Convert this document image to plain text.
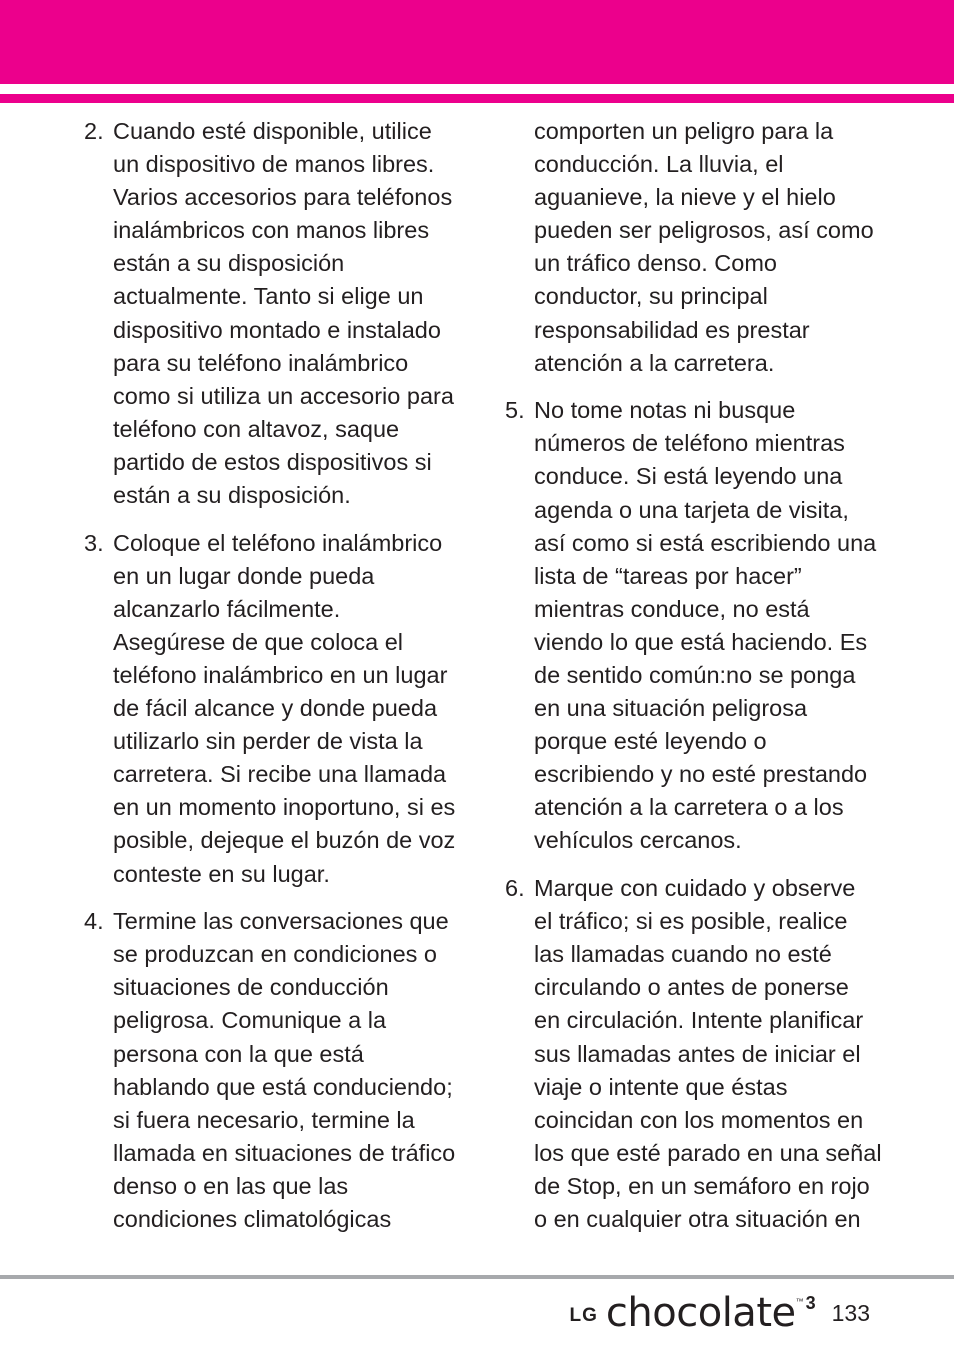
2. Cuando esté disponible, utilice
un dispositivo de manos libres.
Varios accesorios para teléfonos
inalámbricos con manos libres
están a su disposición
actualmente. Tanto si elige un
dispositivo montado e instalado
para su teléfono inalámbrico
como si utiliza un accesorio para
teléfono con altavoz, saque
partido de estos dispositivos si
están a su disposición.
3. Coloque el teléfono inalámbrico
en un lugar donde pueda
alcanzarlo fácilmente.
Asegúrese de que coloca el
teléfono inalámbrico en un lugar
de fácil alcance y donde pueda
utilizarlo sin perder de vista la
carretera. Si recibe una llamada
en un momento inoportuno, si es
posible, dejeque el buzón de voz
conteste en su lugar.
4. Termine las conversaciones que
se produzcan en condiciones o
situaciones de conducción
peligrosa. Comunique a la
persona con la que está
hablando que está conduciendo;
si fuera necesario, termine la
llamada en situaciones de tráfico
denso o en las que las
condiciones climatológicas
comporten un peligro para la
conducción. La lluvia, el
aguanieve, la nieve y el hielo
pueden ser peligrosos, así como
un tráfico denso. Como
conductor, su principal
responsabilidad es prestar
atención a la carretera.
5. No tome notas ni busque
números de teléfono mientras
conduce. Si está leyendo una
agenda o una tarjeta de visita,
así como si está escribiendo una
lista de “tareas por hacer”
mientras conduce, no está
viendo lo que está haciendo. Es
de sentido común:no se ponga
en una situación peligrosa
porque esté leyendo o
escribiendo y no esté prestando
atención a la carretera o a los
vehículos cercanos.
6. Marque con cuidado y observe
el tráfico; si es posible, realice
las llamadas cuando no esté
circulando o antes de ponerse
en circulación. Intente planificar
sus llamadas antes de iniciar el
viaje o intente que éstas
coincidan con los momentos en
los que esté parado en una señal
de Stop, en un semáforo en rojo
o en cualquier otra situación en
LG chocolate ™ 3 133
